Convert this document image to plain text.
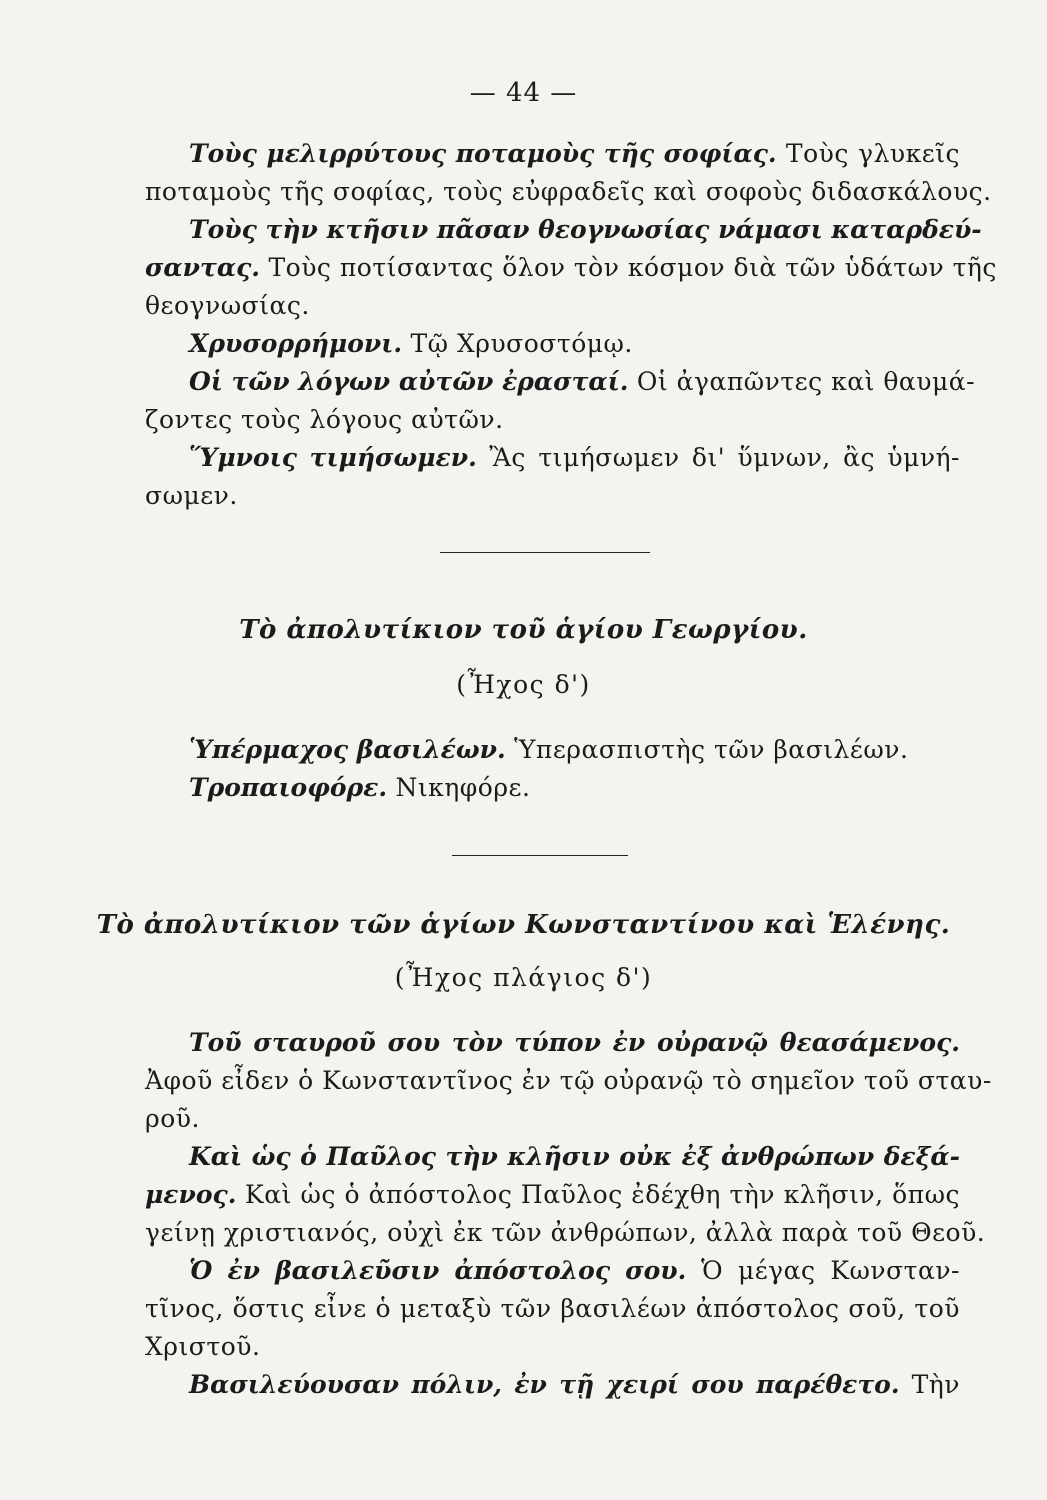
— 44 —
Τοὺς μελιρρύτους ποταμοὺς τῆς σοφίας. Τοὺς γλυκεῖς
ποταμοὺς τῆς σοφίας, τοὺς εὐφραδεῖς καὶ σοφοὺς διδασκάλους.
Τοὺς τὴν κτῆσιν πᾶσαν θεογνωσίας νάμασι καταρδεύ-
σαντας. Τοὺς ποτίσαντας ὅλον τὸν κόσμον διὰ τῶν ὑδάτων τῆς
θεογνωσίας.
Χρυσορρήμονι. Τῷ Χρυσοστόμῳ.
Οἱ τῶν λόγων αὐτῶν ἐρασταί. Οἱ ἀγαπῶντες καὶ θαυμά-
ζοντες τοὺς λόγους αὐτῶν.
Ὕμνοις τιμήσωμεν. Ἂς τιμήσωμεν δι' ὕμνων, ἂς ὑμνή-
σωμεν.
Τὸ ἀπολυτίκιον τοῦ ἁγίου Γεωργίου.
(Ἦχος δ')
Ὑπέρμαχος βασιλέων. Ὑπερασπιστὴς τῶν βασιλέων.
Τροπαιοφόρε. Νικηφόρε.
Τὸ ἀπολυτίκιον τῶν ἁγίων Κωνσταντίνου καὶ Ἑλένης.
(Ἦχος πλάγιος δ')
Τοῦ σταυροῦ σου τὸν τύπον ἐν οὐρανῷ θεασάμενος.
Ἀφοῦ εἶδεν ὁ Κωνσταντῖνος ἐν τῷ οὐρανῷ τὸ σημεῖον τοῦ σταυ-
ροῦ.
Καὶ ὡς ὁ Παῦλος τὴν κλῆσιν οὐκ ἐξ ἀνθρώπων δεξά-
μενος. Καὶ ὡς ὁ ἀπόστολος Παῦλος ἐδέχθη τὴν κλῆσιν, ὅπως
γείνῃ χριστιανός, οὐχὶ ἐκ τῶν ἀνθρώπων, ἀλλὰ παρὰ τοῦ Θεοῦ.
Ὁ ἐν βασιλεῦσιν ἀπόστολος σου. Ὁ μέγας Κωνσταν-
τῖνος, ὅστις εἶνε ὁ μεταξὺ τῶν βασιλέων ἀπόστολος σοῦ, τοῦ
Χριστοῦ.
Βασιλεύουσαν πόλιν, ἐν τῇ χειρί σου παρέθετο. Τὴν
